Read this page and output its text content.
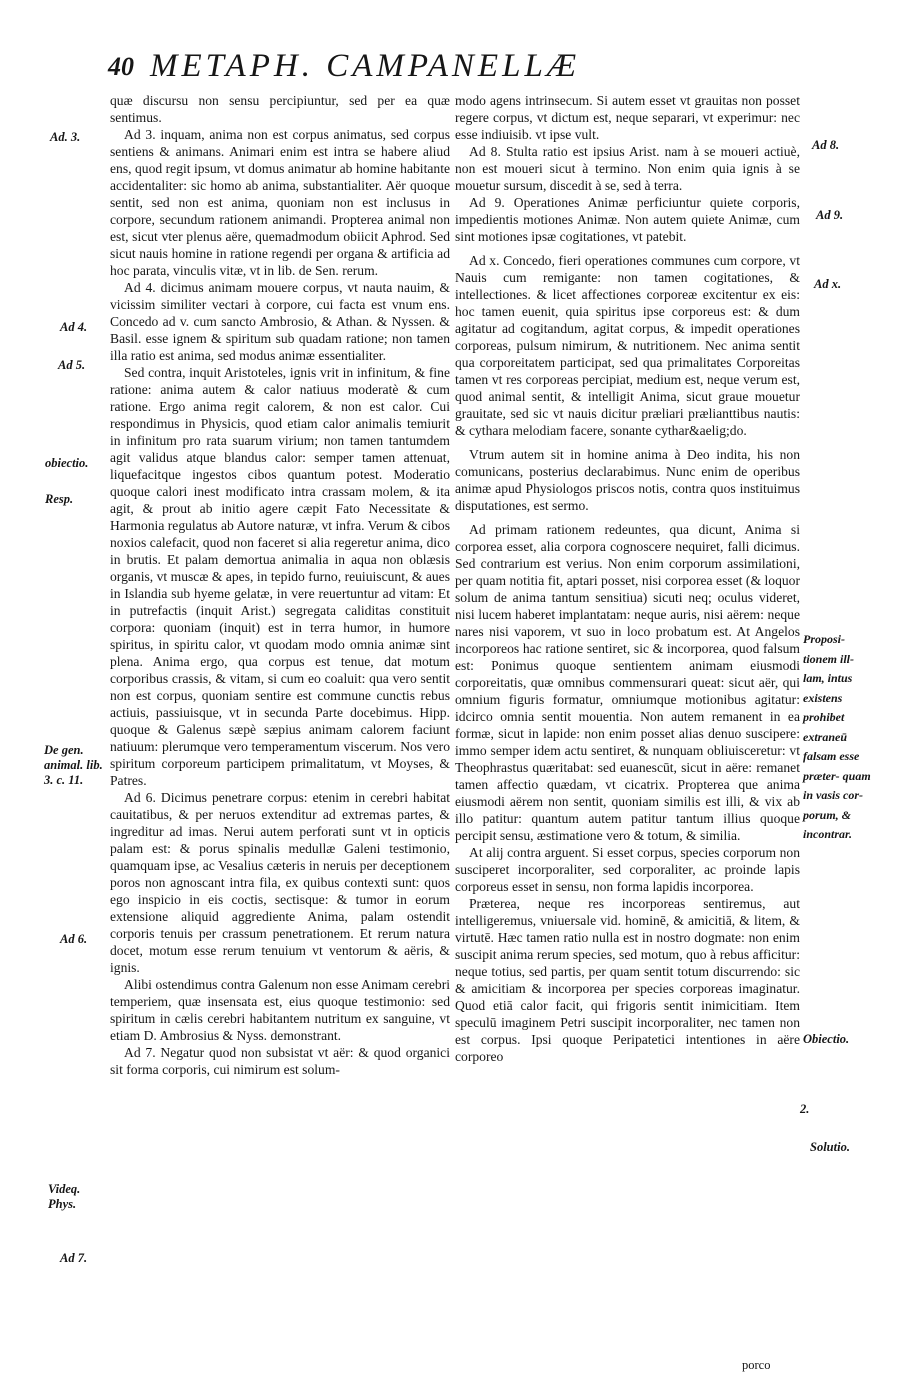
40 METAPH. CAMPANELLÆ

quæ discursu non sensu percipiuntur, sed per ea quæ sentimus.

Ad 3. inquam, anima non est corpus animatus, sed corpus sentiens & animans. Animari enim est intra se habere aliud ens, quod regit ipsum, vt domus animatur ab homine habitante accidentaliter: sic homo ab anima, substantialiter. Aër quoque sentit, sed non est anima, quoniam non est inclusus in corpore, secundum rationem animandi. Propterea animal non est, sicut vter plenus aëre, quemadmodum obiicit Aphrod. Sed sicut nauis homine in ratione regendi per organa & artificia ad hoc parata, vinculis vitæ, vt in lib. de Sen. rerum.

Ad 4. dicimus animam mouere corpus, vt nauta nauim, & vicissim similiter vectari à corpore, cui facta est vnum ens. Concedo ad v. cum sancto Ambrosio, & Athan. & Nyssen. & Basil. esse ignem & spiritum sub quadam ratione; non tamen illa ratio est anima, sed modus animæ essentialiter.

Sed contra, inquit Aristoteles, ignis vrit in infinitum, & fine ratione: anima autem & calor natiuus moderatè & cum ratione. Ergo anima regit calorem, & non est calor. Cui respondimus in Physicis, quod etiam calor animalis temiurit in infinitum pro rata suarum virium; non tamen tantumdem agit validus atque blandus calor: semper tamen attenuat, liquefacitque ingestos cibos quantum potest. Moderatio quoque calori inest modificato intra crassam molem, & ita agit, & prout ab initio agere cæpit Fato Necessitate & Harmonia regulatus ab Autore naturæ, vt infra. Verum & cibos noxios calefacit, quod non faceret si alia regeretur anima, dico in brutis. Et palam demortua animalia in aqua non oblæsis organis, vt muscæ & apes, in tepido furno, reuiuiscunt, & aues in Islandia sub hyeme gelatæ, in vere reuertuntur ad vitam: Et in putrefactis (inquit Arist.) segregata caliditas constituit corpora: quoniam (inquit) est in terra humor, in humore spiritus, in spiritu calor, vt quodam modo omnia animæ sint plena. Anima ergo, qua corpus est tenue, dat motum corporibus crassis, & vitam, si cum eo coaluit: qua vero sentit non est corpus, quoniam sentire est commune cunctis rebus actiuis, passiuisque, vt in secunda Parte docebimus. Hipp. quoque & Galenus sæpè sæpius animam calorem faciunt natiuum: plerumque vero temperamentum viscerum. Nos vero spiritum corporeum participem primalitatum, vt Moyses, & Patres.

Ad 6. Dicimus penetrare corpus: etenim in cerebri habitat cauitatibus, & per neruos extenditur ad extremas partes, & ingreditur ad imas. Nerui autem perforati sunt vt in opticis palam est: & porus spinalis medullæ Galeni testimonio, quamquam ipse, ac Vesalius cæteris in neruis per deceptionem poros non agnoscant intra fila, ex quibus contexti sunt: quos ego inspicio in eis coctis, sectisque: & tumor in eorum extensione aliquid aggrediente Anima, palam ostendit corporis tenuis per crassum penetrationem. Et rerum natura docet, motum esse rerum tenuium vt ventorum & aëris, & ignis.

Alibi ostendimus contra Galenum non esse Animam cerebri temperiem, quæ insensata est, eius quoque testimonio: sed spiritum in cælis cerebri habitantem nutritum ex sanguine, vt etiam D. Ambrosius & Nyss. demonstrant.

Ad 7. Negatur quod non subsistat vt aër: & quod organici sit forma corporis, cui nimirum est solum-

modo agens intrinsecum. Si autem esset vt grauitas non posset regere corpus, vt dictum est, neque separari, vt experimur: nec esse indiuisib. vt ipse vult.

Ad 8. Stulta ratio est ipsius Arist. nam à se moueri actiuè, non est moueri sicut à termino. Non enim quia ignis à se mouetur sursum, discedit à se, sed à terra.

Ad 9. Operationes Animæ perficiuntur quiete corporis, impedientis motiones Animæ. Non autem quiete Animæ, cum sint motiones ipsæ cogitationes, vt patebit.

Ad x. Concedo, fieri operationes communes cum corpore, vt Nauis cum remigante: non tamen cogitationes, & intellectiones. & licet affectiones corporeæ excitentur ex eis: hoc tamen euenit, quia spiritus ipse corporeus est: & dum agitatur ad cogitandum, agitat corpus, & impedit operationes corporeas, pulsum nimirum, & nutritionem. Nec anima sentit qua corporeitatem participat, sed qua primalitates Corporeitas tamen vt res corporeas percipiat, medium est, neque verum est, quod animal sentit, & intelligit Anima, sicut graue mouetur grauitate, sed sic vt nauis dicitur præliari prælianttibus nautis: & cythara melodiam facere, sonante cythar&aelig;do.

Vtrum autem sit in homine anima à Deo indita, his non comunicans, posterius declarabimus. Nunc enim de operibus animæ apud Physiologos priscos notis, contra quos instituimus disputationes, est sermo.

Ad primam rationem redeuntes, qua dicunt, Anima si corporea esset, alia corpora cognoscere nequiret, falli dicimus. Sed contrarium est verius. Non enim corporum assimilationi, per quam notitia fit, aptari posset, nisi corporea esset (& loquor solum de anima tantum sensitiua) sicuti neq; oculus videret, nisi lucem haberet implantatam: neque auris, nisi aërem: neque nares nisi vaporem, vt suo in loco probatum est. At Angelos incorporeos hac ratione sentiret, sic & incorporea, quod falsum est: Ponimus quoque sentientem animam eiusmodi corporeitatis, quæ omnibus commensurari queat: sicut aër, qui omnium figuris formatur, omniumque motionibus agitatur: idcirco omnia sentit mouentia. Non autem remanent in ea formæ, sicut in lapide: non enim posset alias denuo suscipere: immo semper idem actu sentiret, & nunquam obliuisceretur: vt Theophrastus quæritabat: sed euanescūt, sicut in aëre: remanet tamen affectio quædam, vt cicatrix. Propterea que anima eiusmodi aërem non sentit, quoniam similis est illi, & vix ab illo patitur: quantum autem patitur tantum illius quoque percipit sensu, æstimatione vero & totum, & similia.

At alij contra arguent. Si esset corpus, species corporum non susciperet incorporaliter, sed corporaliter, ac proinde lapis corporeus esset in sensu, non forma lapidis incorporea.

Præterea, neque res incorporeas sentiremus, aut intelligeremus, vniuersale vid. hominē, & amicitiā, & litem, & virtutē. Hæc tamen ratio nulla est in nostro dogmate: non enim suscipit anima rerum species, sed motum, quo à rebus afficitur: neque totius, sed partis, per quam sentit totum discurrendo: sic & amicitiam & incorporea per species corporeas imaginatur. Quod etiā calor facit, qui frigoris sentit inimicitiam. Item speculū imaginem Petri suscipit incorporaliter, nec tamen non est corpus. Ipsi quoque Peripatetici intentiones in aëre corporeo

porco
Ad. 3.
Ad 4.
Ad 5.
obiectio.
Resp.
De gen. animal. lib. 3. c. 11.
Ad 6.
Videq. Phys.
Ad 7.
Ad 8.
Ad 9.
Ad x.
Proposi- tionem ill- lam, intus existens prohibet extraneū falsam esse præter- quam in vasis cor- porum, & incontrar.
Obiectio.
2.
Solutio.
